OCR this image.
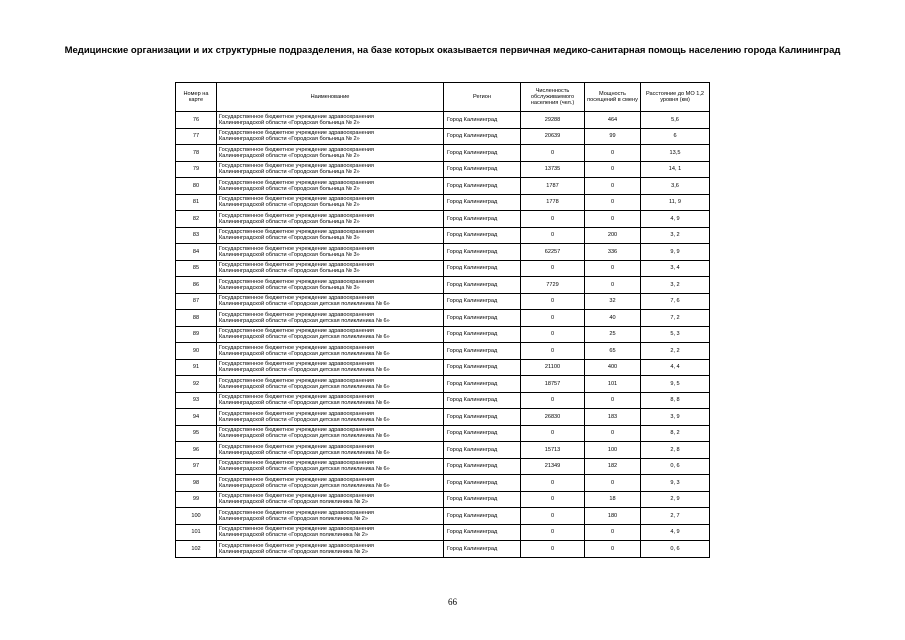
Медицинские организации и их структурные подразделения, на базе которых оказывается первичная медико-санитарная помощь населению города Калининград
Номер на карте	Наименование	Регион	Численность обслуживаемого населения (чел.)	Мощность посещений в смену	Расстояние до МО 1,2 уровня (км)
76	Государственное бюджетное учреждение здравоохранения
Калининградской области «Городская больница № 2»	Город Калининград	29288	464	5,6
77	Государственное бюджетное учреждение здравоохранения
Калининградской области «Городская больница № 2»	Город Калининград	20639	99	6
78	Государственное бюджетное учреждение здравоохранения
Калининградской области «Городская больница № 2»	Город Калининград	0	0	13,5
79	Государственное бюджетное учреждение здравоохранения
Калининградской области «Городская больница № 2»	Город Калининград	13735	0	14, 1
80	Государственное бюджетное учреждение здравоохранения
Калининградской области «Городская больница № 2»	Город Калининград	1787	0	3,6
81	Государственное бюджетное учреждение здравоохранения
Калининградской области «Городская больница № 2»	Город Калининград	1778	0	11, 9
82	Государственное бюджетное учреждение здравоохранения
Калининградской области «Городская больница № 2»	Город Калининград	0	0	4, 9
83	Государственное бюджетное учреждение здравоохранения
Калининградской области «Городская больница № 3»	Город Калининград	0	200	3, 2
84	Государственное бюджетное учреждение здравоохранения
Калининградской области «Городская больница № 3»	Город Калининград	62257	336	9, 9
85	Государственное бюджетное учреждение здравоохранения
Калининградской области «Городская больница № 3»	Город Калининград	0	0	3, 4
86	Государственное бюджетное учреждение здравоохранения
Калининградской области «Городская больница № 3»	Город Калининград	7729	0	3, 2
87	Государственное бюджетное учреждение здравоохранения
Калининградской области «Городская детская поликлиника № 6»	Город Калининград	0	32	7, 6
88	Государственное бюджетное учреждение здравоохранения
Калининградской области «Городская детская поликлиника № 6»	Город Калининград	0	40	7, 2
89	Государственное бюджетное учреждение здравоохранения
Калининградской области «Городская детская поликлиника № 6»	Город Калининград	0	25	5, 3
90	Государственное бюджетное учреждение здравоохранения
Калининградской области «Городская детская поликлиника № 6»	Город Калининград	0	65	2, 2
91	Государственное бюджетное учреждение здравоохранения
Калининградской области «Городская детская поликлиника № 6»	Город Калининград	21100	400	4, 4
92	Государственное бюджетное учреждение здравоохранения
Калининградской области «Городская детская поликлиника № 6»	Город Калининград	18757	101	9, 5
93	Государственное бюджетное учреждение здравоохранения
Калининградской области «Городская детская поликлиника № 6»	Город Калининград	0	0	8, 8
94	Государственное бюджетное учреждение здравоохранения
Калининградской области «Городская детская поликлиника № 6»	Город Калининград	26830	183	3, 9
95	Государственное бюджетное учреждение здравоохранения
Калининградской области «Городская детская поликлиника № 6»	Город Калининград	0	0	8, 2
96	Государственное бюджетное учреждение здравоохранения
Калининградской области «Городская детская поликлиника № 6»	Город Калининград	15713	100	2, 8
97	Государственное бюджетное учреждение здравоохранения
Калининградской области «Городская детская поликлиника № 6»	Город Калининград	21349	182	0, 6
98	Государственное бюджетное учреждение здравоохранения
Калининградской области «Городская детская поликлиника № 6»	Город Калининград	0	0	9, 3
99	Государственное бюджетное учреждение здравоохранения
Калининградской области «Городская поликлиника № 2»	Город Калининград	0	18	2, 9
100	Государственное бюджетное учреждение здравоохранения
Калининградской области «Городская поликлиника № 2»	Город Калининград	0	180	2, 7
101	Государственное бюджетное учреждение здравоохранения
Калининградской области «Городская поликлиника № 2»	Город Калининград	0	0	4, 9
102	Государственное бюджетное учреждение здравоохранения
Калининградской области «Городская поликлиника № 2»	Город Калининград	0	0	0, 6
66
